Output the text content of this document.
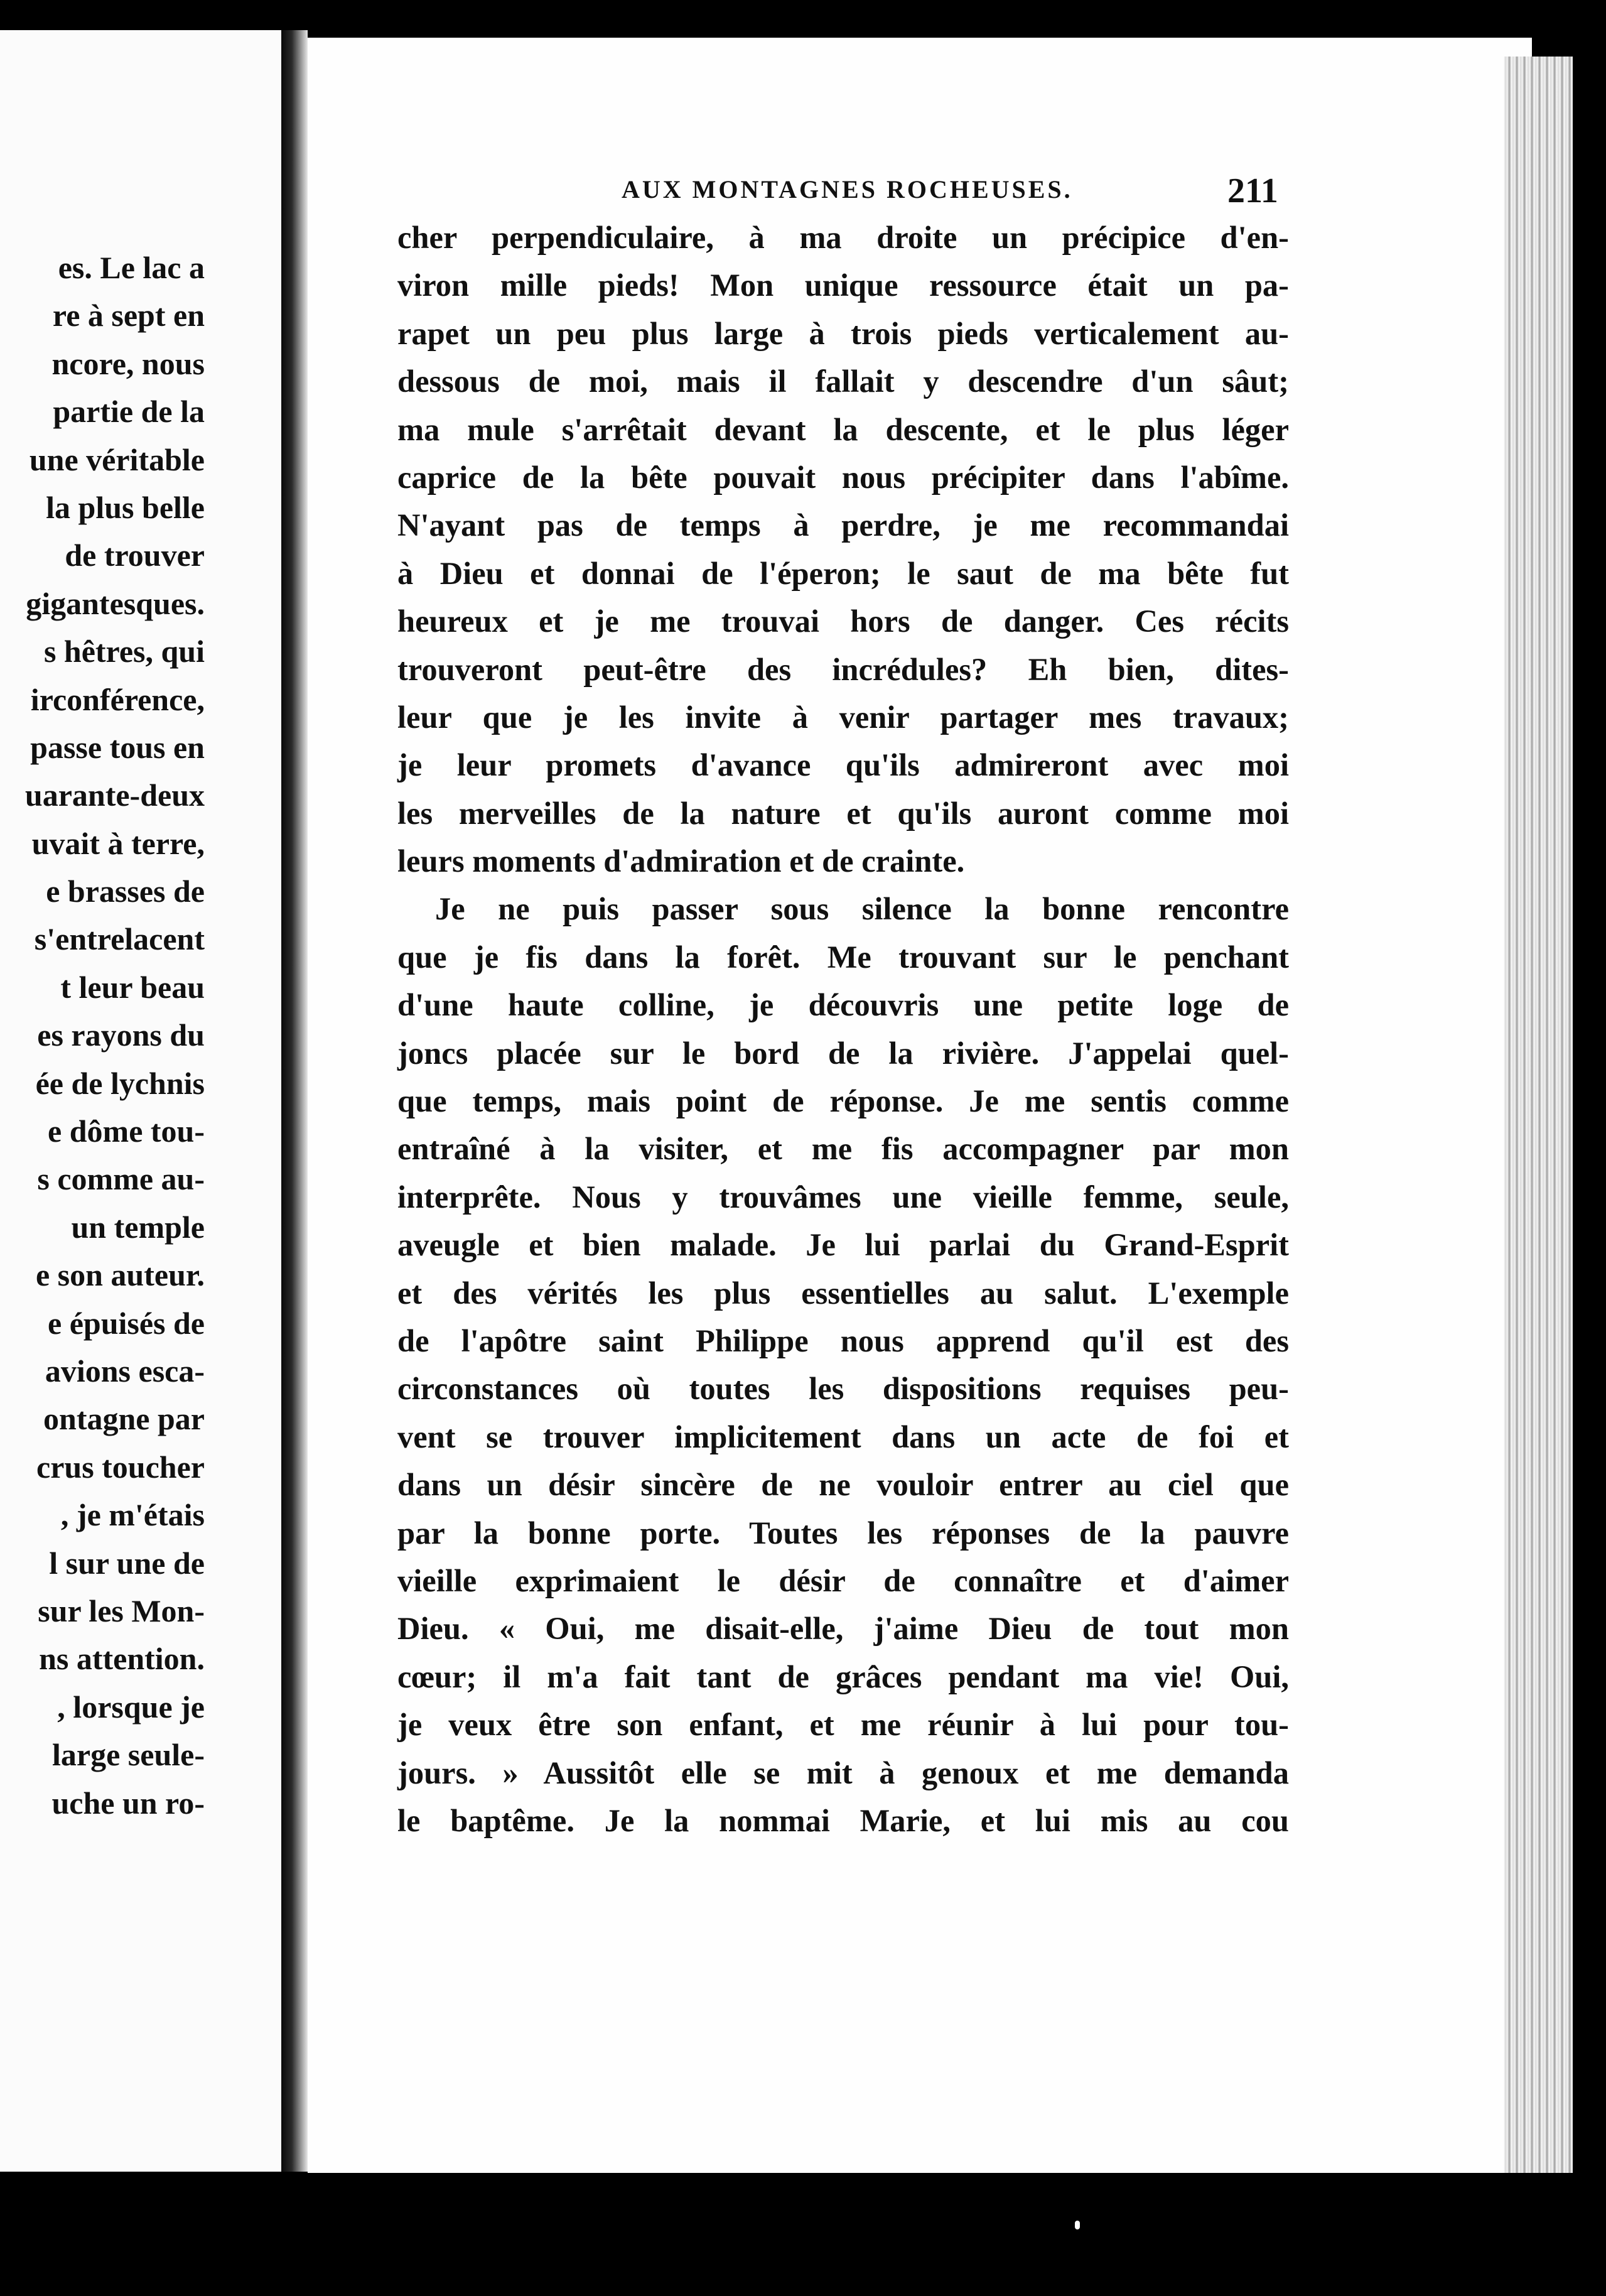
es. Le lac a
re à sept en
ncore, nous
partie de la
une véritable
la plus belle
de trouver
gigantesques.
s hêtres, qui
irconférence,
passe tous en
uarante-deux
uvait à terre,
e brasses de
s'entrelacent
t leur beau
es rayons du
ée de lychnis
e dôme tou-
s comme au-
un temple
e son auteur.
e épuisés de
avions esca-
ontagne par
crus toucher
, je m'étais
l sur une de
sur les Mon-
ns attention.
, lorsque je
large seule-
uche un ro-
AUX MONTAGNES ROCHEUSES.	211
cher perpendiculaire, à ma droite un précipice d'en-
viron mille pieds! Mon unique ressource était un pa-
rapet un peu plus large à trois pieds verticalement au-
dessous de moi, mais il fallait y descendre d'un sâut;
ma mule s'arrêtait devant la descente, et le plus léger
caprice de la bête pouvait nous précipiter dans l'abîme.
N'ayant pas de temps à perdre, je me recommandai
à Dieu et donnai de l'éperon; le saut de ma bête fut
heureux et je me trouvai hors de danger. Ces récits
trouveront peut-être des incrédules? Eh bien, dites-
leur que je les invite à venir partager mes travaux;
je leur promets d'avance qu'ils admireront avec moi
les merveilles de la nature et qu'ils auront comme moi
leurs moments d'admiration et de crainte.
Je ne puis passer sous silence la bonne rencontre
que je fis dans la forêt. Me trouvant sur le penchant
d'une haute colline, je découvris une petite loge de
joncs placée sur le bord de la rivière. J'appelai quel-
que temps, mais point de réponse. Je me sentis comme
entraîné à la visiter, et me fis accompagner par mon
interprête. Nous y trouvâmes une vieille femme, seule,
aveugle et bien malade. Je lui parlai du Grand-Esprit
et des vérités les plus essentielles au salut. L'exemple
de l'apôtre saint Philippe nous apprend qu'il est des
circonstances où toutes les dispositions requises peu-
vent se trouver implicitement dans un acte de foi et
dans un désir sincère de ne vouloir entrer au ciel que
par la bonne porte. Toutes les réponses de la pauvre
vieille exprimaient le désir de connaître et d'aimer
Dieu. « Oui, me disait-elle, j'aime Dieu de tout mon
cœur; il m'a fait tant de grâces pendant ma vie! Oui,
je veux être son enfant, et me réunir à lui pour tou-
jours. » Aussitôt elle se mit à genoux et me demanda
le baptême. Je la nommai Marie, et lui mis au cou
